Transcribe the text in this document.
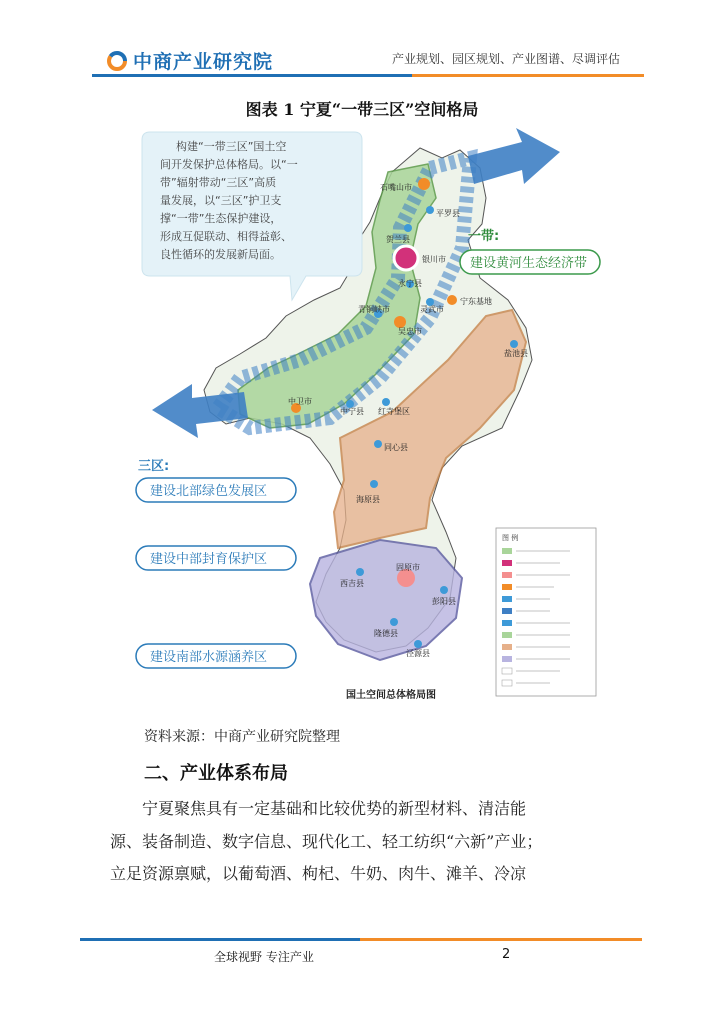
中商产业研究院	产业规划、园区规划、产业图谱、尽调评估
图表 1 宁夏“一带三区”空间格局
构建“一带三区”国土空
间开发保护总体格局。以“一
带”辐射带动“三区”高质
量发展，以“三区”护卫支
撑“一带”生态保护建设，
形成互促联动、相得益彰、
良性循环的发展新局面。
一带:
建设黄河生态经济带
三区:
建设北部绿色发展区
建设中部封育保护区
建设南部水源涵养区
石嘴山市
平罗县
贺兰县
银川市
永宁县
灵武市
宁东基地
青铜峡市
吴忠市
盐池县
中卫市
中宁县 红寺堡区
同心县
海原县
西吉县
固原市
彭阳县
隆德县
泾源县
图 例
国土空间总体格局图
资料来源：中商产业研究院整理
二、产业体系布局
宁夏聚焦具有一定基础和比较优势的新型材料、清洁能
源、装备制造、数字信息、现代化工、轻工纺织“六新”产业；
立足资源禀赋，以葡萄酒、枸杞、牛奶、肉牛、滩羊、冷凉
全球视野 专注产业	2
